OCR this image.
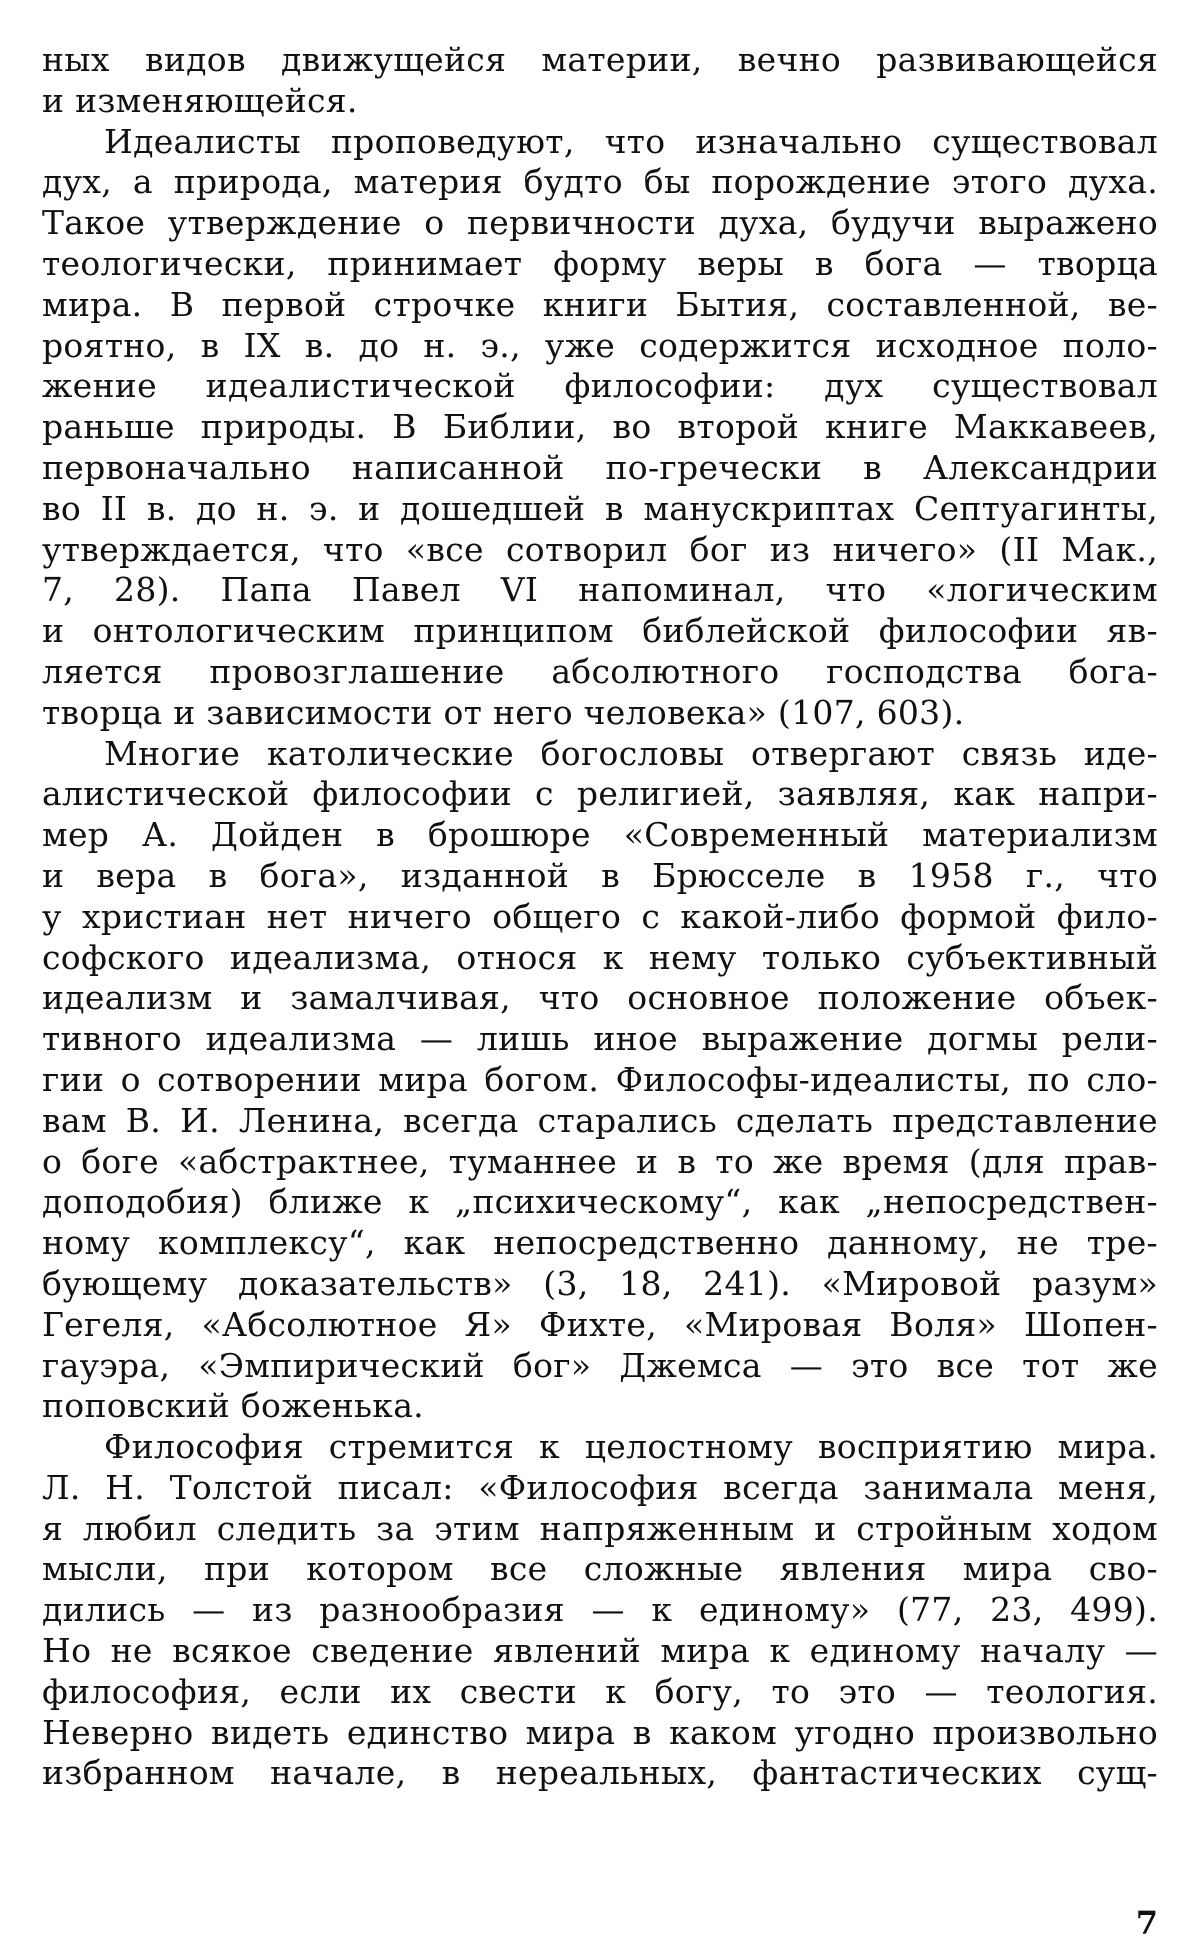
ных видов движущейся материи, вечно развивающейся
и изменяющейся.
Идеалисты проповедуют, что изначально существовал
дух, а природа, материя будто бы порождение этого духа.
Такое утверждение о первичности духа, будучи выражено
теологически, принимает форму веры в бога — творца
мира. В первой строчке книги Бытия, составленной, ве-
роятно, в IX в. до н. э., уже содержится исходное поло-
жение идеалистической философии: дух существовал
раньше природы. В Библии, во второй книге Маккавеев,
первоначально написанной по-гречески в Александрии
во II в. до н. э. и дошедшей в манускриптах Септуагинты,
утверждается, что «все сотворил бог из ничего» (II Мак.,
7, 28). Папа Павел VI напоминал, что «логическим
и онтологическим принципом библейской философии яв-
ляется провозглашение абсолютного господства бога-
творца и зависимости от него человека» (107, 603).
Многие католические богословы отвергают связь иде-
алистической философии с религией, заявляя, как напри-
мер А. Дойден в брошюре «Современный материализм
и вера в бога», изданной в Брюсселе в 1958 г., что
у христиан нет ничего общего с какой-либо формой фило-
софского идеализма, относя к нему только субъективный
идеализм и замалчивая, что основное положение объек-
тивного идеализма — лишь иное выражение догмы рели-
гии о сотворении мира богом. Философы-идеалисты, по сло-
вам В. И. Ленина, всегда старались сделать представление
о боге «абстрактнее, туманнее и в то же время (для прав-
доподобия) ближе к „психическому“, как „непосредствен-
ному комплексу“, как непосредственно данному, не тре-
бующему доказательств» (3, 18, 241). «Мировой разум»
Гегеля, «Абсолютное Я» Фихте, «Мировая Воля» Шопен-
гауэра, «Эмпирический бог» Джемса — это все тот же
поповский боженька.
Философия стремится к целостному восприятию мира.
Л. Н. Толстой писал: «Философия всегда занимала меня,
я любил следить за этим напряженным и стройным ходом
мысли, при котором все сложные явления мира сво-
дились — из разнообразия — к единому» (77, 23, 499).
Но не всякое сведение явлений мира к единому началу —
философия, если их свести к богу, то это — теология.
Неверно видеть единство мира в каком угодно произвольно
избранном начале, в нереальных, фантастических сущ-
7
